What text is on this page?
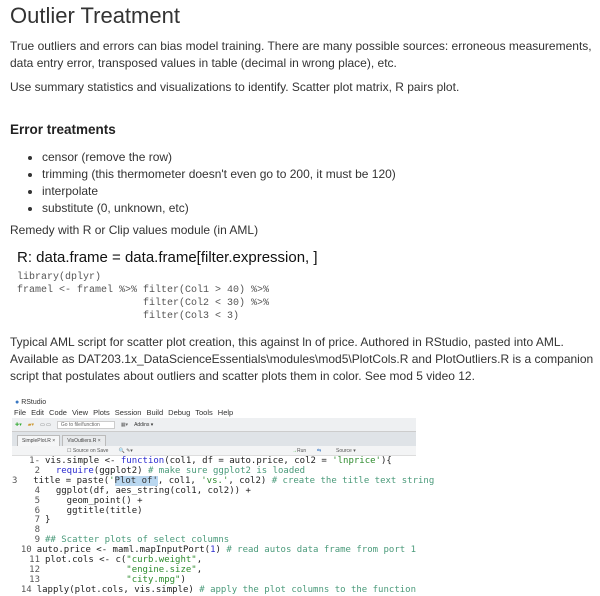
Outlier Treatment

True outliers and errors can bias model training. There are many possible sources: erroneous measurements, data entry error, transposed values in table (decimal in wrong place), etc.

Use summary statistics and visualizations to identify. Scatter plot matrix, R pairs plot.

Error treatments
• censor (remove the row)
• trimming (this thermometer doesn't even go to 200, it must be 120)
• interpolate
• substitute (0, unknown, etc)

Remedy with R or Clip values module (in AML)

R: data.frame = data.frame[filter.expression, ]
library(dplyr)
framel <- framel %>% filter(Col1 > 40) %>%
filter(Col2 < 30) %>%
filter(Col3 < 3)

Typical AML script for scatter plot creation, this against ln of price. Authored in RStudio, pasted into AML. Available as DAT203.1x_DataScienceEssentials\modules\mod5\PlotCols.R and PlotOutliers.R is a companion script that postulates about outliers and scatter plots them in color. See mod 5 video 12.

● RStudio
File Edit Code View Plots Session Build Debug Tools Help
✚▾ ▰▾ ▭ ▭	Go to file/function	▦▾ Addins ▾
SimplePlot.R ×	VisOutliers.R ×
☐ Source on Save 🔍 ✎▾	→Run ⇆	Source ▾
1- vis.simple <- function(col1, df = auto.price, col2 = 'lnprice'){
2	require(ggplot2) # make sure ggplot2 is loaded
3 title = paste('Plot of', col1, 'vs.', col2) # create the title text string
4 ggplot(df, aes_string(col1, col2)) +
5 geom_point() +
6 ggtitle(title)
7 }
8
9 ## Scatter plots of select columns
10 auto.price <- maml.mapInputPort(1) # read autos data frame from port 1
11 plot.cols <- c("curb.weight",
12	"engine.size",
13	"city.mpg")
14 lapply(plot.cols, vis.simple) # apply the plot columns to the function
